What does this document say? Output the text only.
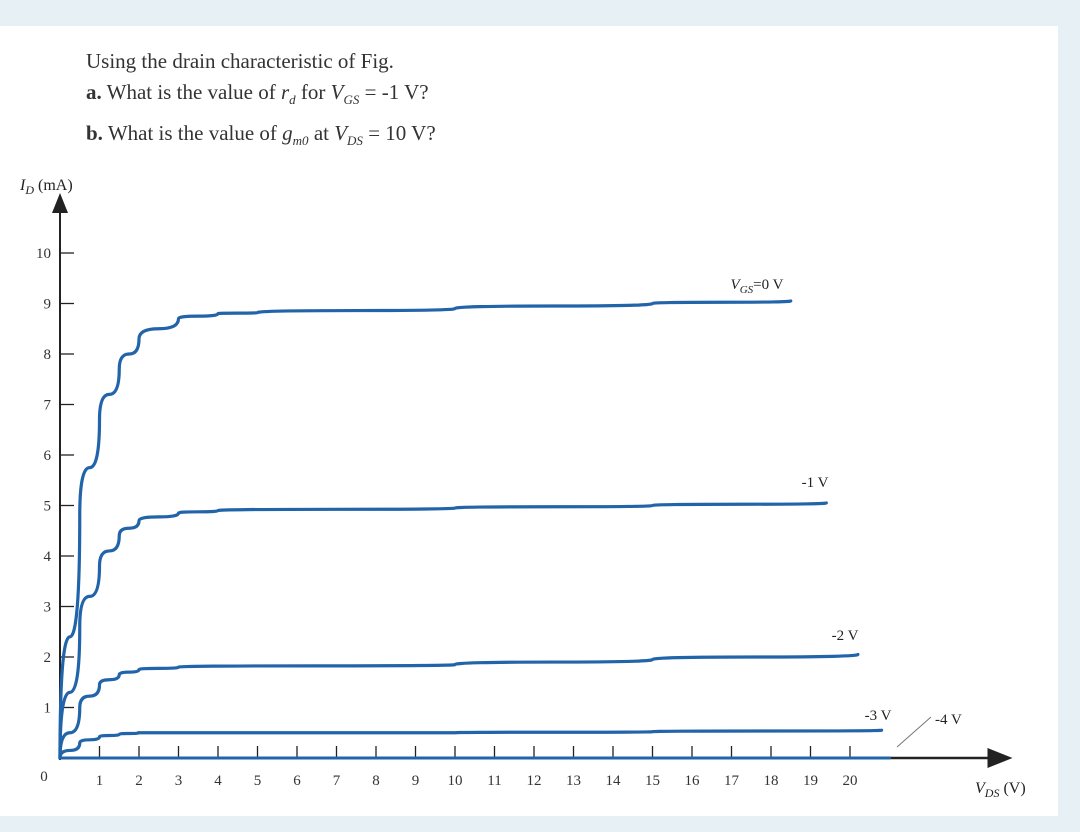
Using the drain characteristic of Fig.
a. What is the value of $r_d$ for $V_{GS} = -1$ V?
b. What is the value of $g_{m0}$ at $V_{DS} = 10$ V?
1 2 3 4 5 6 7 8 9 10 11 12 13 14 15 16 17 18 19 20
0
1
2
3
4
5
6
7
8
9
10
$I_D$ (mA)
$V_{DS}$ (V)
$V_{GS}=0$ V
-1 V
-2 V
-3 V	-4 V
